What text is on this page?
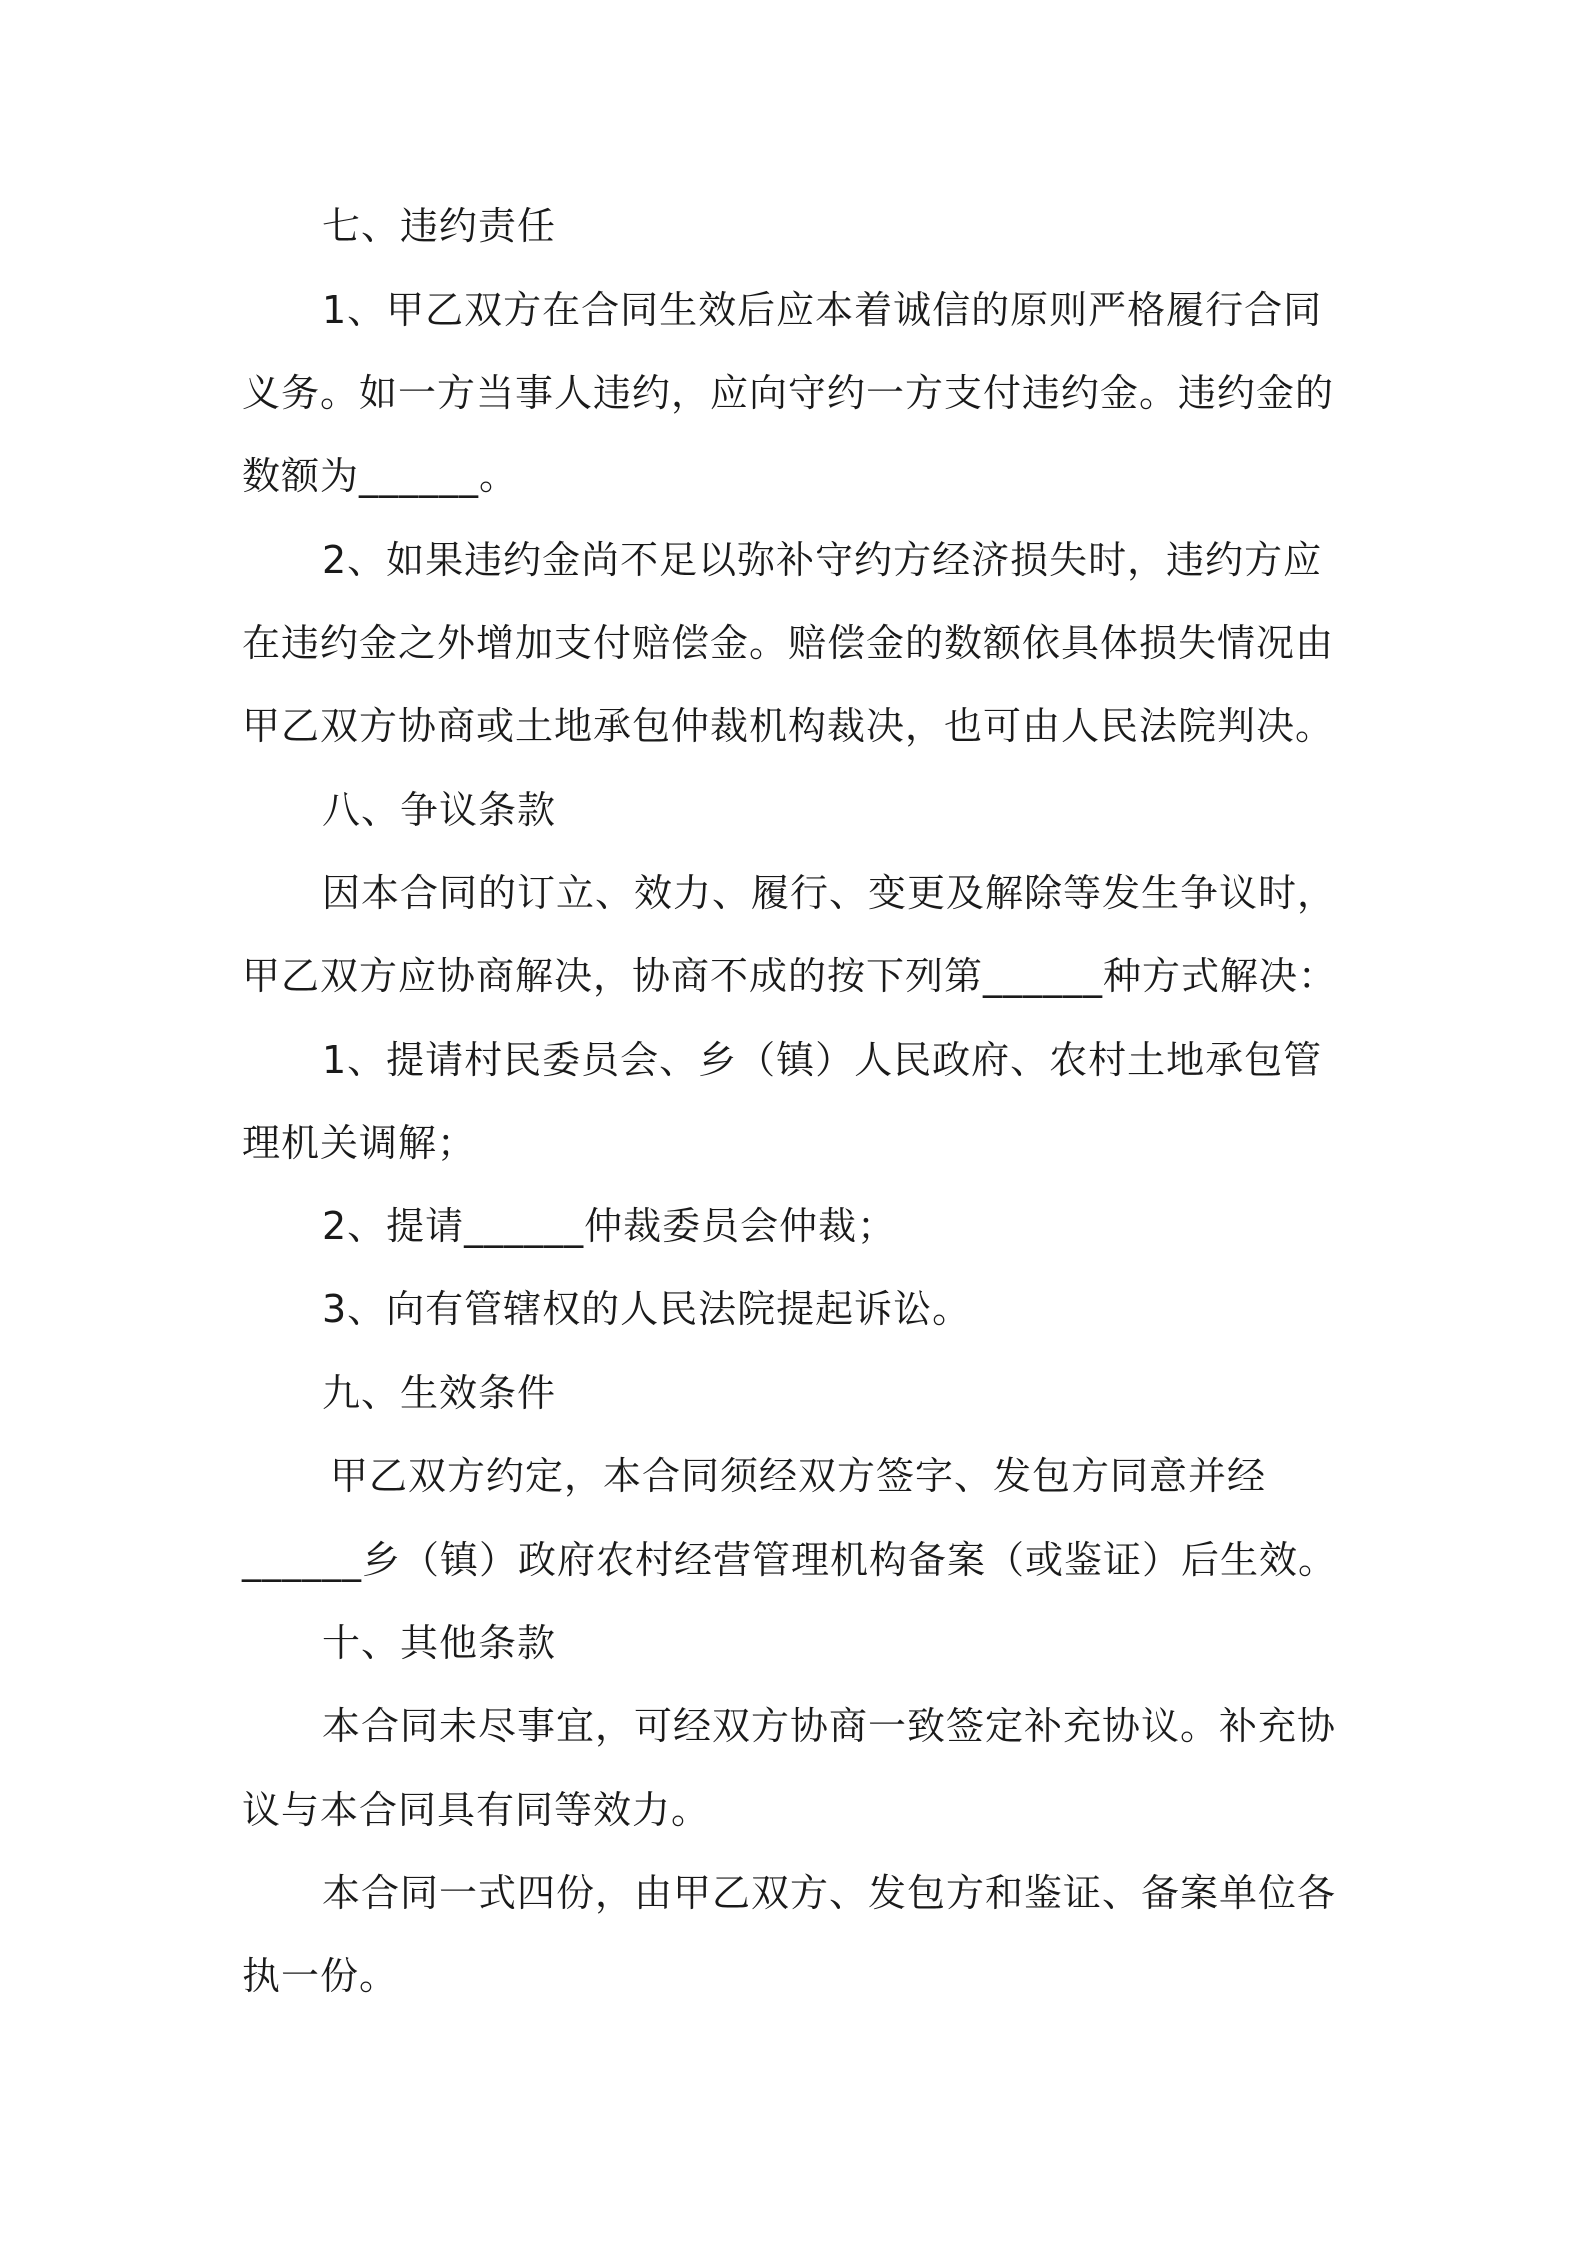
七、违约责任
1、甲乙双方在合同生效后应本着诚信的原则严格履行合同
义务。如一方当事人违约，应向守约一方支付违约金。违约金的
数额为______。
2、如果违约金尚不足以弥补守约方经济损失时，违约方应
在违约金之外增加支付赔偿金。赔偿金的数额依具体损失情况由
甲乙双方协商或土地承包仲裁机构裁决，也可由人民法院判决。
八、争议条款
因本合同的订立、效力、履行、变更及解除等发生争议时，
甲乙双方应协商解决，协商不成的按下列第______种方式解决：
1、提请村民委员会、乡（镇）人民政府、农村土地承包管
理机关调解；
2、提请______仲裁委员会仲裁；
3、向有管辖权的人民法院提起诉讼。
九、生效条件
甲乙双方约定，本合同须经双方签字、发包方同意并经
______乡（镇）政府农村经营管理机构备案（或鉴证）后生效。
十、其他条款
本合同未尽事宜，可经双方协商一致签定补充协议。补充协
议与本合同具有同等效力。
本合同一式四份，由甲乙双方、发包方和鉴证、备案单位各
执一份。
